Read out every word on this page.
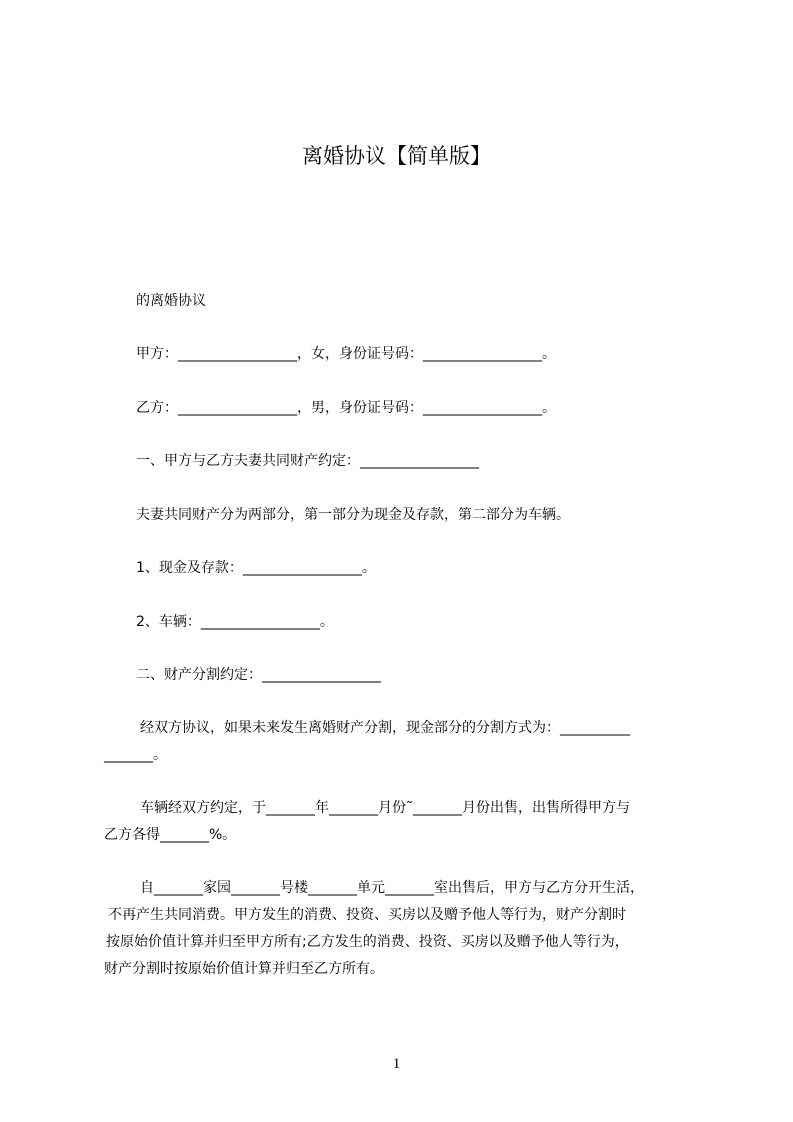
离婚协议【简单版】
的离婚协议
甲方：_________________，女，身份证号码：_________________。
乙方：_________________，男，身份证号码：_________________。
一、甲方与乙方夫妻共同财产约定：_________________
夫妻共同财产分为两部分，第一部分为现金及存款，第二部分为车辆。
1、现金及存款：_________________。
2、车辆：_________________。
二、财产分割约定：_________________
经双方协议，如果未来发生离婚财产分割，现金部分的分割方式为：__________
_______。
车辆经双方约定，于_______年_______月份˜_______月份出售，出售所得甲方与
乙方各得_______%。
自_______家园_______号楼_______单元_______室出售后，甲方与乙方分开生活，
不再产生共同消费。甲方发生的消费、投资、买房以及赠予他人等行为，财产分割时
按原始价值计算并归至甲方所有;乙方发生的消费、投资、买房以及赠予他人等行为，
财产分割时按原始价值计算并归至乙方所有。
1
